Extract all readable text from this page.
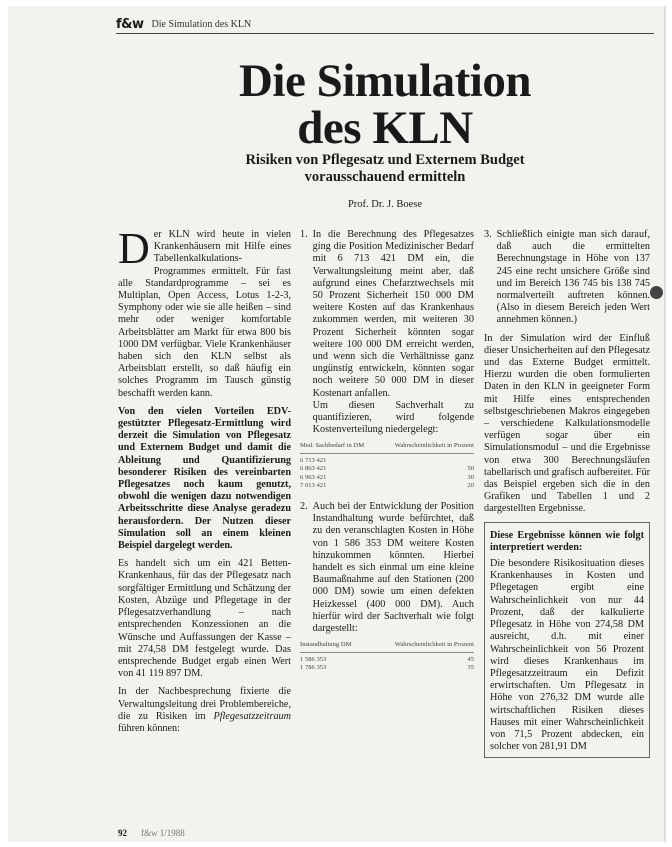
f&w Die Simulation des KLN
Die Simulation
des KLN
Risiken von Pflegesatz und Externem Budget
vorausschauend ermitteln
Prof. Dr. J. Boese

Der KLN wird heute in vielen Krankenhäusern mit Hilfe eines Tabellenkalkulations-Programmes ermittelt. Für fast alle Standardprogramme – sei es Multiplan, Open Access, Lotus 1-2-3, Symphony oder wie sie alle heißen – sind mehr oder weniger komfortable Arbeitsblätter am Markt für etwa 800 bis 1000 DM verfügbar. Viele Krankenhäuser haben sich den KLN selbst als Arbeitsblatt erstellt, so daß häufig ein solches Programm im Tausch günstig beschafft werden kann.

Von den vielen Vorteilen EDV-gestützter Pflegesatz-Ermittlung wird derzeit die Simulation von Pflegesatz und Externem Budget und damit die Ableitung und Quantifizierung besonderer Risiken des vereinbarten Pflegesatzes noch kaum genutzt, obwohl die wenigen dazu notwendigen Arbeitsschritte diese Analyse geradezu herausfordern. Der Nutzen dieser Simulation soll an einem kleinen Beispiel dargelegt werden.

Es handelt sich um ein 421 Betten-Krankenhaus, für das der Pflegesatz nach sorgfältiger Ermittlung und Schätzung der Kosten, Abzüge und Pflegetage in der Pflegesatzverhandlung – nach entsprechenden Konzessionen an die Wünsche und Auffassungen der Kasse – mit 274,58 DM festgelegt wurde. Das entsprechende Budget ergab einen Wert von 41 119 897 DM.

In der Nachbesprechung fixierte die Verwaltungsleitung drei Problembereiche, die zu Risiken im Pflegesatzzeitraum führen können:

1. In die Berechnung des Pflegesatzes ging die Position Medizinischer Bedarf mit 6 713 421 DM ein, die Verwaltungsleitung meint aber, daß aufgrund eines Chefarztwechsels mit 50 Prozent Sicherheit 150 000 DM weitere Kosten auf das Krankenhaus zukommen werden, mit weiteren 30 Prozent Sicherheit könnten sogar weitere 100 000 DM erreicht werden, und wenn sich die Verhältnisse ganz ungünstig entwickeln, könnten sogar noch weitere 50 000 DM in dieser Kostenart anfallen.
Um diesen Sachverhalt zu quantifizieren, wird folgende Kostenverteilung niedergelegt:
Med. Sachbedarf in DM	Wahrscheinlichkeit in Prozent
6 713 421
6 863 421	50
6 963 421	30
7 013 421	20
2. Auch bei der Entwicklung der Position Instandhaltung wurde befürchtet, daß zu den veranschlagten Kosten in Höhe von 1 586 353 DM weitere Kosten hinzukommen könnten. Hierbei handelt es sich einmal um eine kleine Baumaßnahme auf den Stationen (200 000 DM) sowie um einen defekten Heizkessel (400 000 DM). Auch hierfür wird der Sachverhalt wie folgt dargestellt:
Instandhaltung DM	Wahrscheinlichkeit in Prozent
1 586 353	45
1 786 353	35
3. Schließlich einigte man sich darauf, daß auch die ermittelten Berechnungstage in Höhe von 137 245 eine recht unsichere Größe sind und im Bereich 136 745 bis 138 745 normalverteilt auftreten können. (Also in diesem Bereich jeden Wert annehmen können.)

In der Simulation wird der Einfluß dieser Unsicherheiten auf den Pflegesatz und das Externe Budget ermittelt. Hierzu wurden die oben formulierten Daten in den KLN in geeigneter Form mit Hilfe eines entsprechenden selbstgeschriebenen Makros eingegeben – verschiedene Kalkulationsmodelle verfügen sogar über ein Simulationsmodul – und die Ergebnisse von etwa 300 Berechnungsläufen tabellarisch und grafisch aufbereitet. Für das Beispiel ergeben sich die in den Grafiken und Tabellen 1 und 2 dargestellten Ergebnisse.

Diese Ergebnisse können wie folgt interpretiert werden:
Die besondere Risikosituation dieses Krankenhauses in Kosten und Pflegetagen ergibt eine Wahrscheinlichkeit von nur 44 Prozent, daß der kalkulierte Pflegesatz in Höhe von 274,58 DM ausreicht, d.h. mit einer Wahrscheinlichkeit von 56 Prozent wird dieses Krankenhaus im Pflegesatzzeitraum ein Defizit erwirtschaften. Um Pflegesatz in Höhe von 276,32 DM wurde alle wirtschaftlichen Risiken dieses Hauses mit einer Wahrscheinlichkeit von 71,5 Prozent abdecken, ein solcher von 281,91 DM
92 f&w 1/1988
